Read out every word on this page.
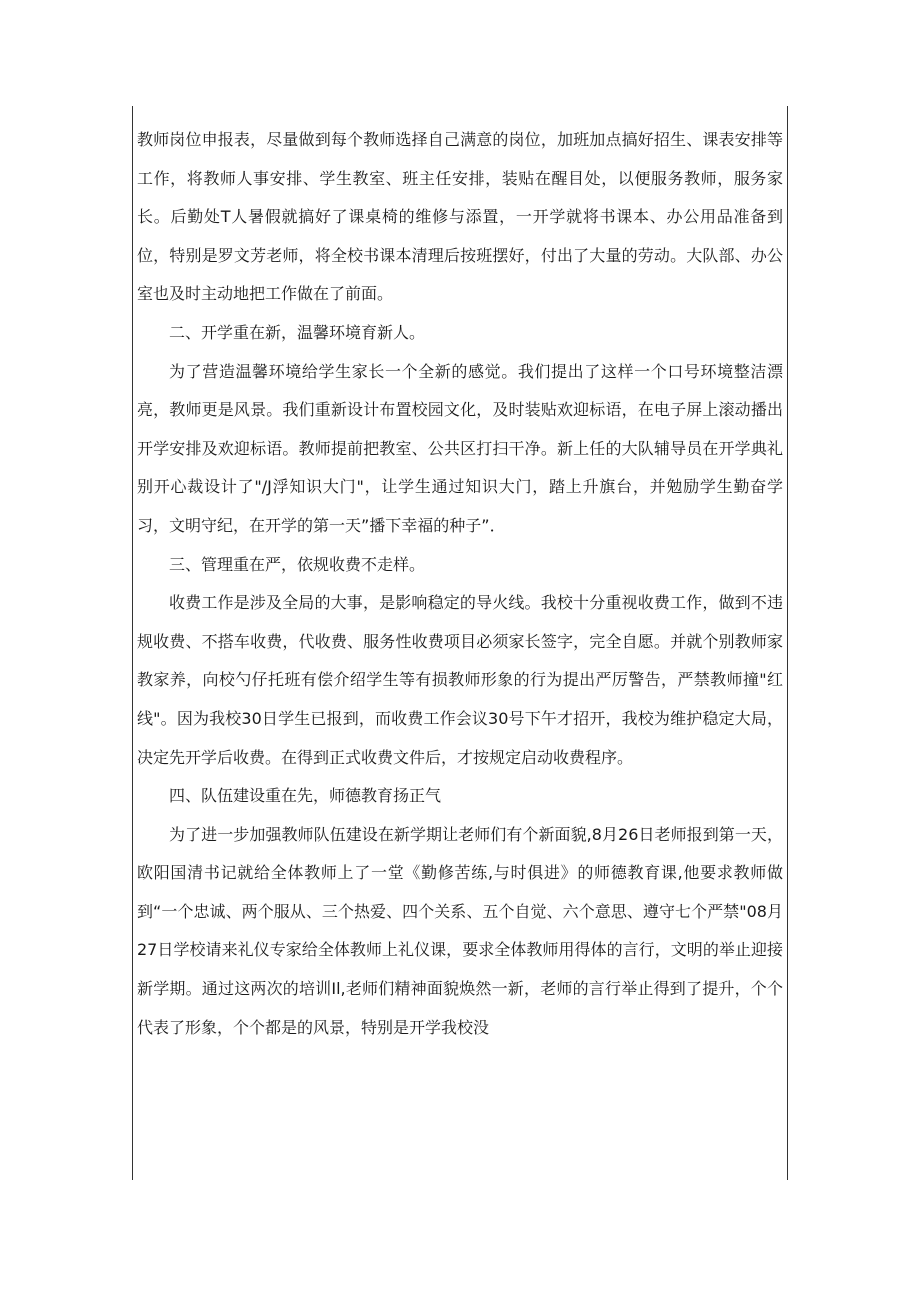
教师岗位申报表，尽量做到每个教师选择自己满意的岗位，加班加点搞好招生、课表安排等工作，将教师人事安排、学生教室、班主任安排，装贴在醒目处，以便服务教师，服务家长。后勤处T人暑假就搞好了课桌椅的维修与添置，一开学就将书课本、办公用品准备到位，特别是罗文芳老师，将全校书课本清理后按班摆好，付出了大量的劳动。大队部、办公室也及时主动地把工作做在了前面。

二、开学重在新，温馨环境育新人。

为了营造温馨环境给学生家长一个全新的感觉。我们提出了这样一个口号环境整洁漂亮，教师更是风景。我们重新设计布置校园文化，及时装贴欢迎标语，在电子屏上滚动播出开学安排及欢迎标语。教师提前把教室、公共区打扫干净。新上任的大队辅导员在开学典礼别开心裁设计了"/J浮知识大门"，让学生通过知识大门，踏上升旗台，并勉励学生勤奋学习，文明守纪，在开学的第一天”播下幸福的种子”．

三、管理重在严，依规收费不走样。

收费工作是涉及全局的大事，是影响稳定的导火线。我校十分重视收费工作，做到不违规收费、不搭车收费，代收费、服务性收费项目必须家长签字，完全自愿。并就个别教师家教家养，向校勺仔托班有偿介绍学生等有损教师形象的行为提出严厉警告，严禁教师撞"红线"。因为我校30日学生已报到，而收费工作会议30号下午才招开，我校为维护稳定大局，决定先开学后收费。在得到正式收费文件后，才按规定启动收费程序。

四、队伍建设重在先，师德教育扬正气

为了进一步加强教师队伍建设在新学期让老师们有个新面貌,8月26日老师报到第一天，欧阳国清书记就给全体教师上了一堂《勤修苦练,与时俱进》的师德教育课,他要求教师做到“一个忠诚、两个服从、三个热爱、四个关系、五个自觉、六个意思、遵守七个严禁"08月27日学校请来礼仪专家给全体教师上礼仪课，要求全体教师用得体的言行，文明的举止迎接新学期。通过这两次的培训Il,老师们精神面貌焕然一新，老师的言行举止得到了提升，个个代表了形象，个个都是的风景，特别是开学我校没
